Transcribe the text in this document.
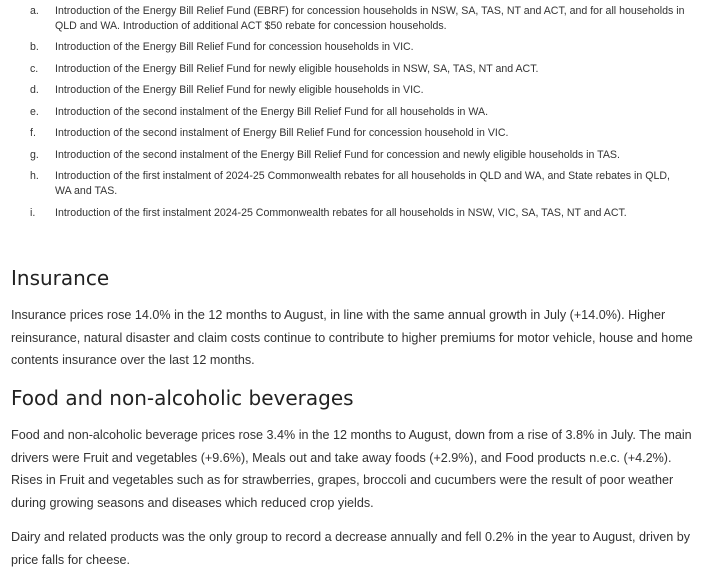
a. Introduction of the Energy Bill Relief Fund (EBRF) for concession households in NSW, SA, TAS, NT and ACT, and for all households in QLD and WA. Introduction of additional ACT $50 rebate for concession households.
b. Introduction of the Energy Bill Relief Fund for concession households in VIC.
c.	Introduction of the Energy Bill Relief Fund for newly eligible households in NSW, SA, TAS, NT and ACT.
d. Introduction of the Energy Bill Relief Fund for newly eligible households in VIC.
e. Introduction of the second instalment of the Energy Bill Relief Fund for all households in WA.
f.	Introduction of the second instalment of Energy Bill Relief Fund for concession household in VIC.
g. Introduction of the second instalment of the Energy Bill Relief Fund for concession and newly eligible households in TAS.
h. Introduction of the first instalment of 2024-25 Commonwealth rebates for all households in QLD and WA, and State rebates in QLD, WA and TAS.
i.	Introduction of the first instalment 2024-25 Commonwealth rebates for all households in NSW, VIC, SA, TAS, NT and ACT.
Insurance

Insurance prices rose 14.0% in the 12 months to August, in line with the same annual growth in July (+14.0%). Higher reinsurance, natural disaster and claim costs continue to contribute to higher premiums for motor vehicle, house and home contents insurance over the last 12 months.

Food and non-alcoholic beverages

Food and non-alcoholic beverage prices rose 3.4% in the 12 months to August, down from a rise of 3.8% in July. The main drivers were Fruit and vegetables (+9.6%), Meals out and take away foods (+2.9%), and Food products n.e.c. (+4.2%). Rises in Fruit and vegetables such as for strawberries, grapes, broccoli and cucumbers were the result of poor weather during growing seasons and diseases which reduced crop yields.

Dairy and related products was the only group to record a decrease annually and fell 0.2% in the year to August, driven by price falls for cheese.
